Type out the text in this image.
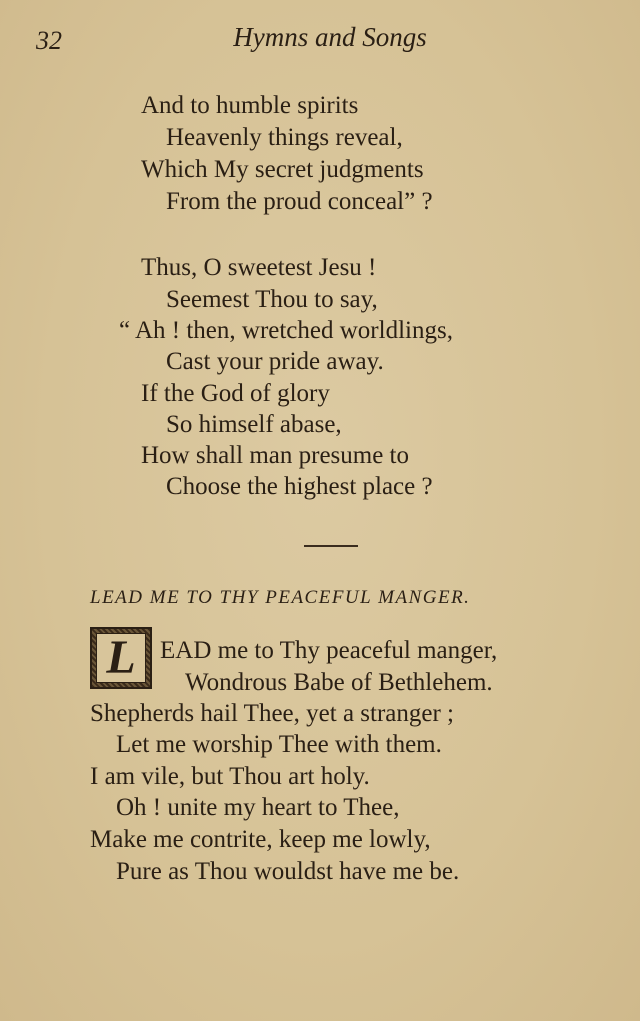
32	Hymns and Songs
And to humble spirits
Heavenly things reveal,
Which My secret judgments
From the proud conceal” ?
Thus, O sweetest Jesu !
Seemest Thou to say,
“ Ah ! then, wretched worldlings,
Cast your pride away.
If the God of glory
So himself abase,
How shall man presume to
Choose the highest place ?
LEAD ME TO THY PEACEFUL MANGER.
L EAD me to Thy peaceful manger,
Wondrous Babe of Bethlehem.
Shepherds hail Thee, yet a stranger ;
Let me worship Thee with them.
I am vile, but Thou art holy.
Oh ! unite my heart to Thee,
Make me contrite, keep me lowly,
Pure as Thou wouldst have me be.
